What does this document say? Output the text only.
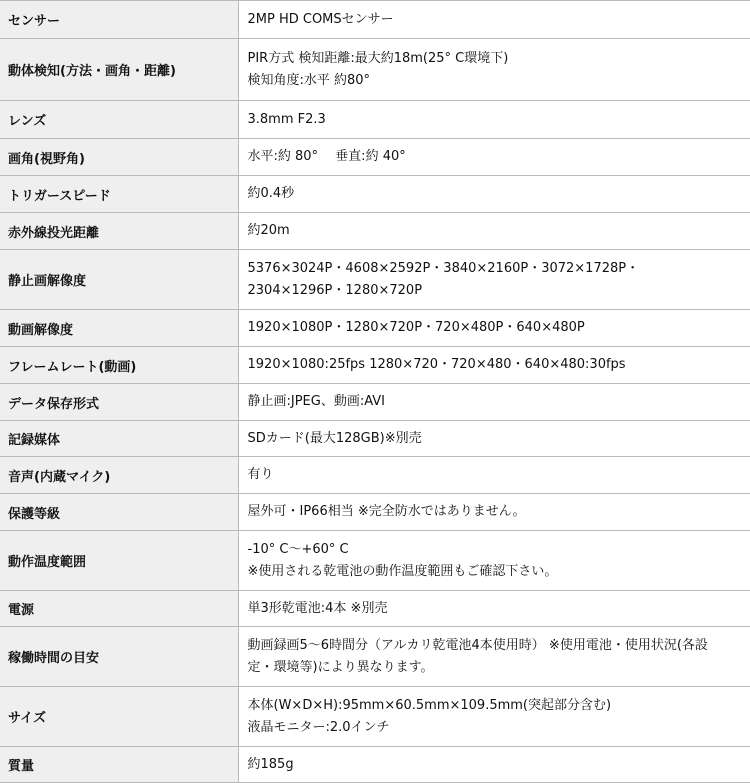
センサー	2MP HD COMSセンサー

動体検知(方法・画角・距離)	PIR方式 検知距離:最大約18m(25° C環境下)
検知角度:水平 約80°

レンズ	3.8mm F2.3

画角(視野角)	水平:約 80°　 垂直:約 40°

トリガースピード	約0.4秒

赤外線投光距離	約20m

静止画解像度	5376×3024P・4608×2592P・3840×2160P・3072×1728P・
2304×1296P・1280×720P

動画解像度	1920×1080P・1280×720P・720×480P・640×480P

フレームレート(動画)	1920×1080:25fps 1280×720・720×480・640×480:30fps

データ保存形式	静止画:JPEG、動画:AVI

記録媒体	SDカード(最大128GB)※別売

音声(内蔵マイク)	有り

保護等級	屋外可・IP66相当 ※完全防水ではありません。

動作温度範囲	-10° C～+60° C
※使用される乾電池の動作温度範囲もご確認下さい。

電源	単3形乾電池:4本 ※別売

稼働時間の目安	動画録画5～6時間分（アルカリ乾電池4本使用時） ※使用電池・使用状況(各設
定・環境等)により異なります。

サイズ	本体(W×D×H):95mm×60.5mm×109.5mm(突起部分含む)
液晶モニター:2.0インチ

質量	約185g
